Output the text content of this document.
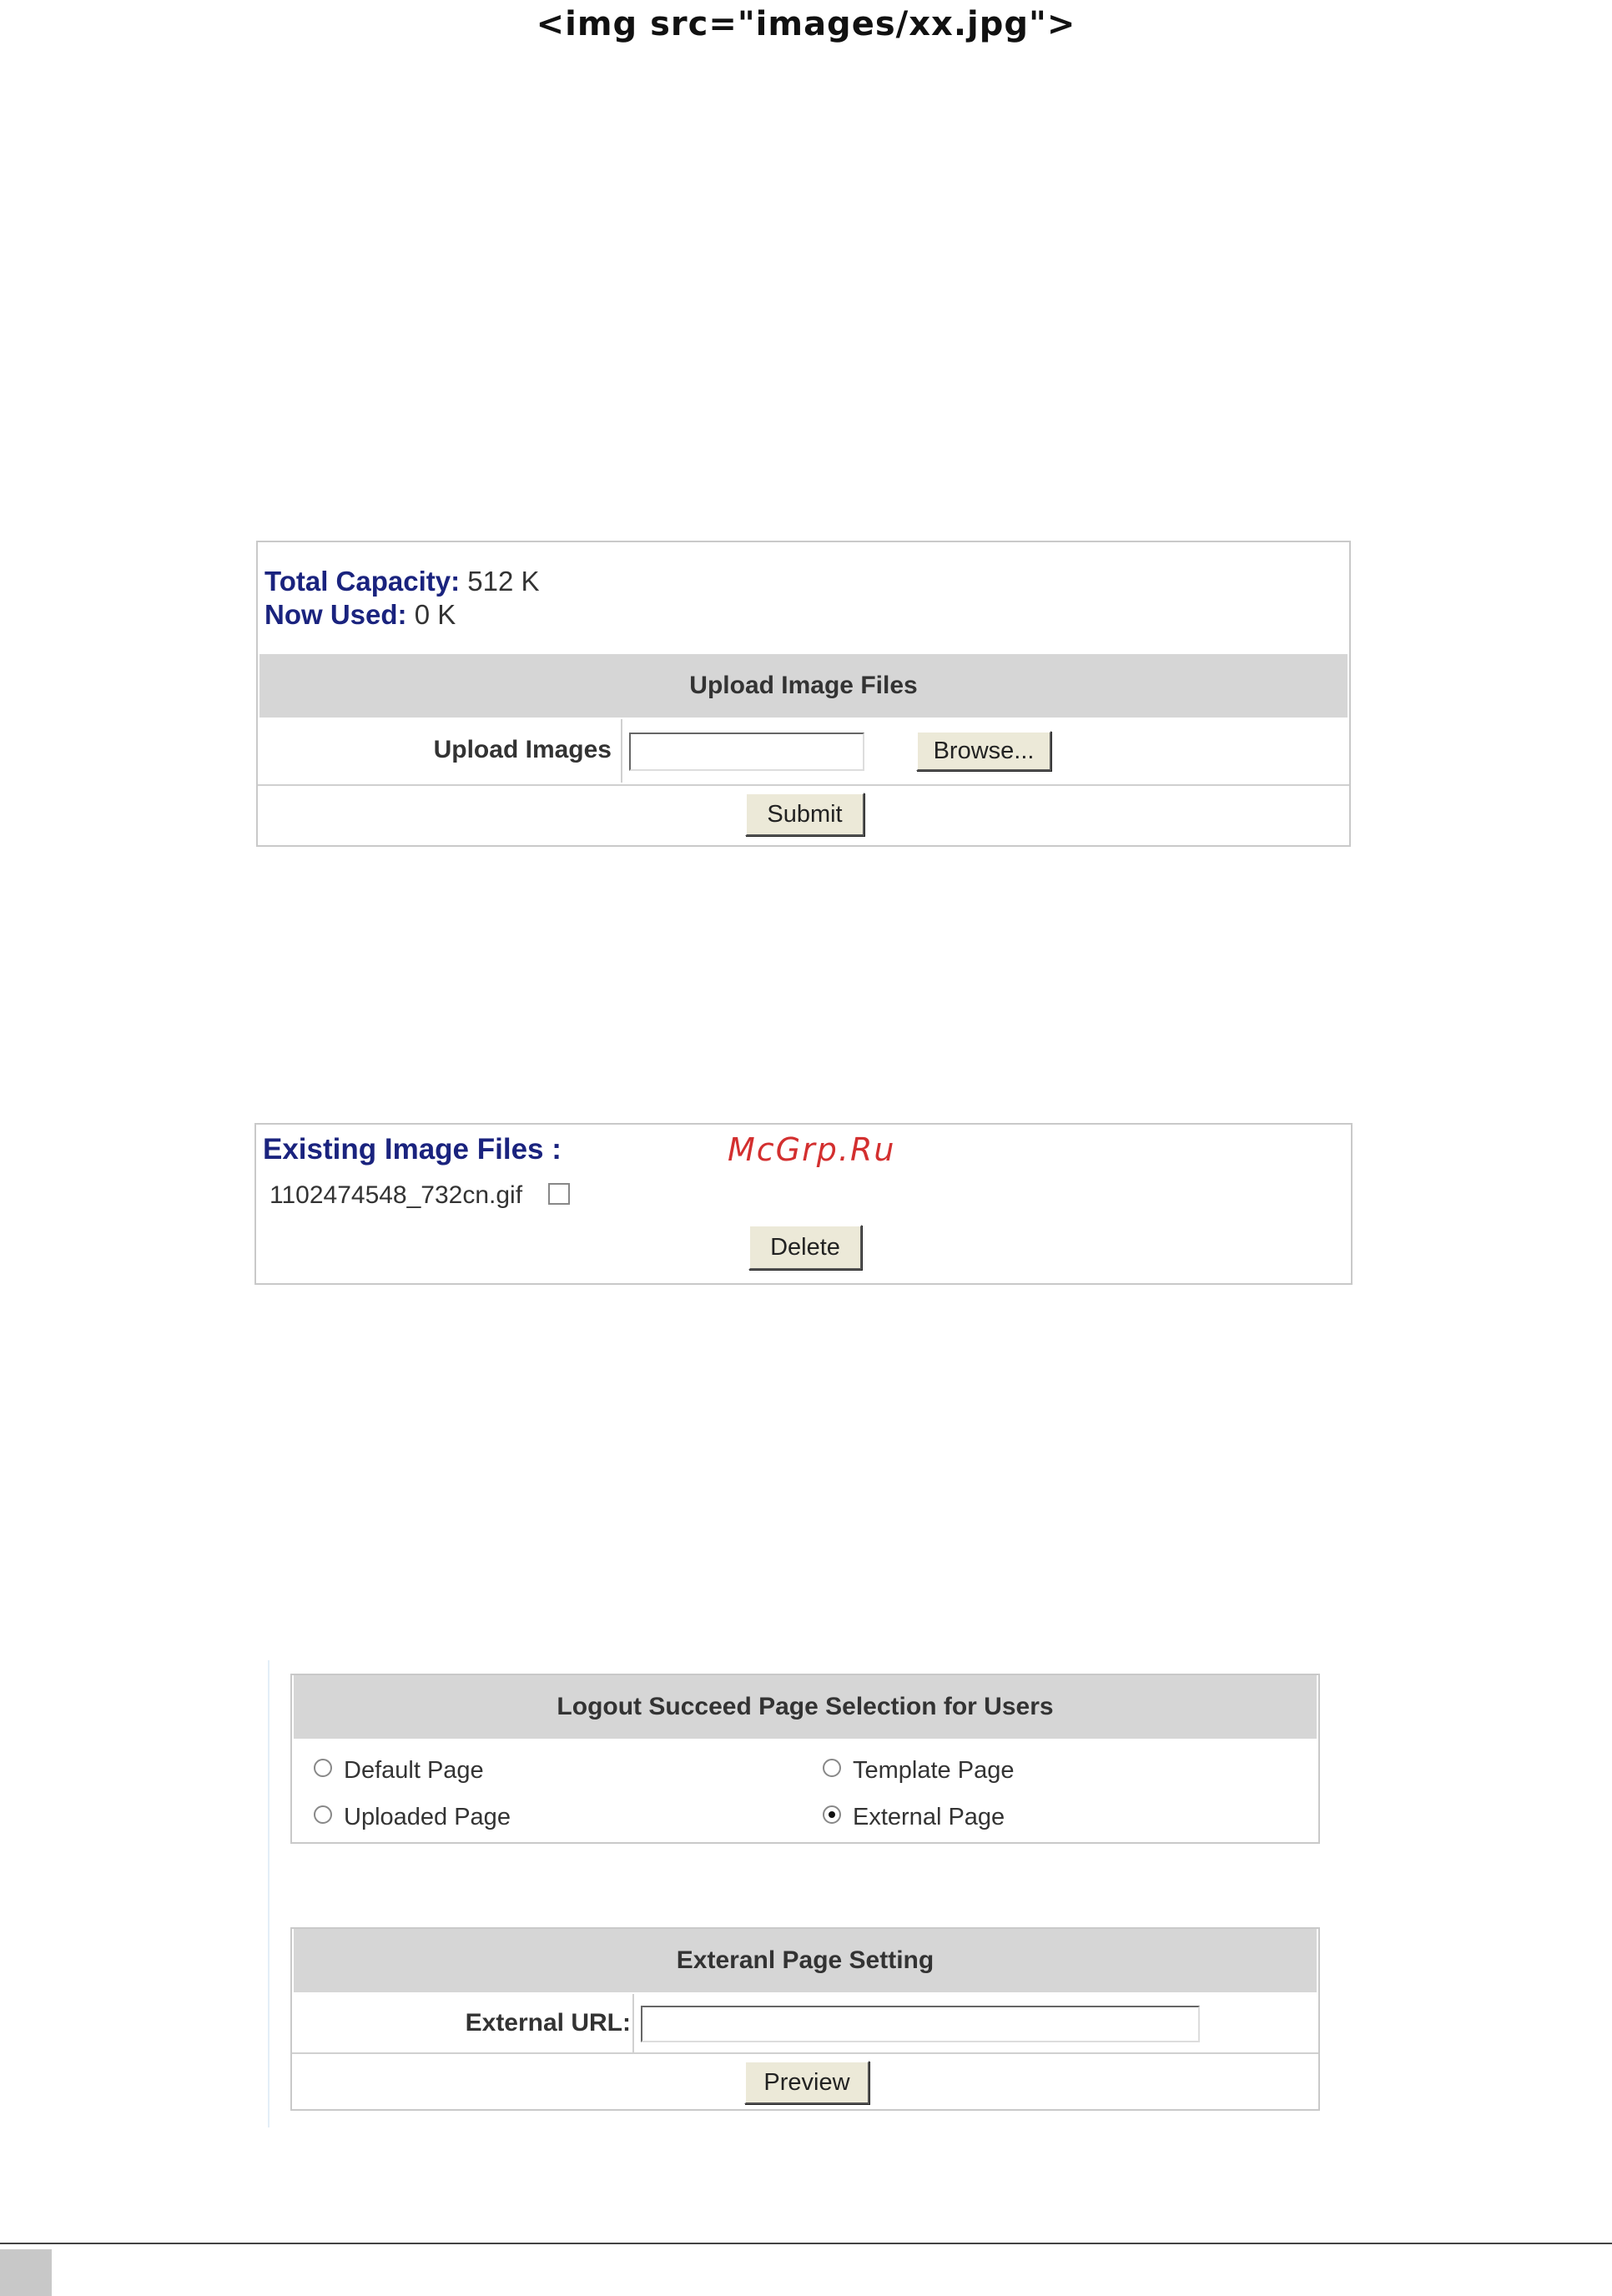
<img src="images/xx.jpg">
Total Capacity: 512 K
Now Used: 0 K
Upload Image Files
Upload Images	Browse...
Submit
Existing Image Files :	McGrp.Ru
1102474548_732cn.gif
Delete
Logout Succeed Page Selection for Users
Default Page	Template Page
Uploaded Page	External Page
Exteranl Page Setting
External URL:
Preview
